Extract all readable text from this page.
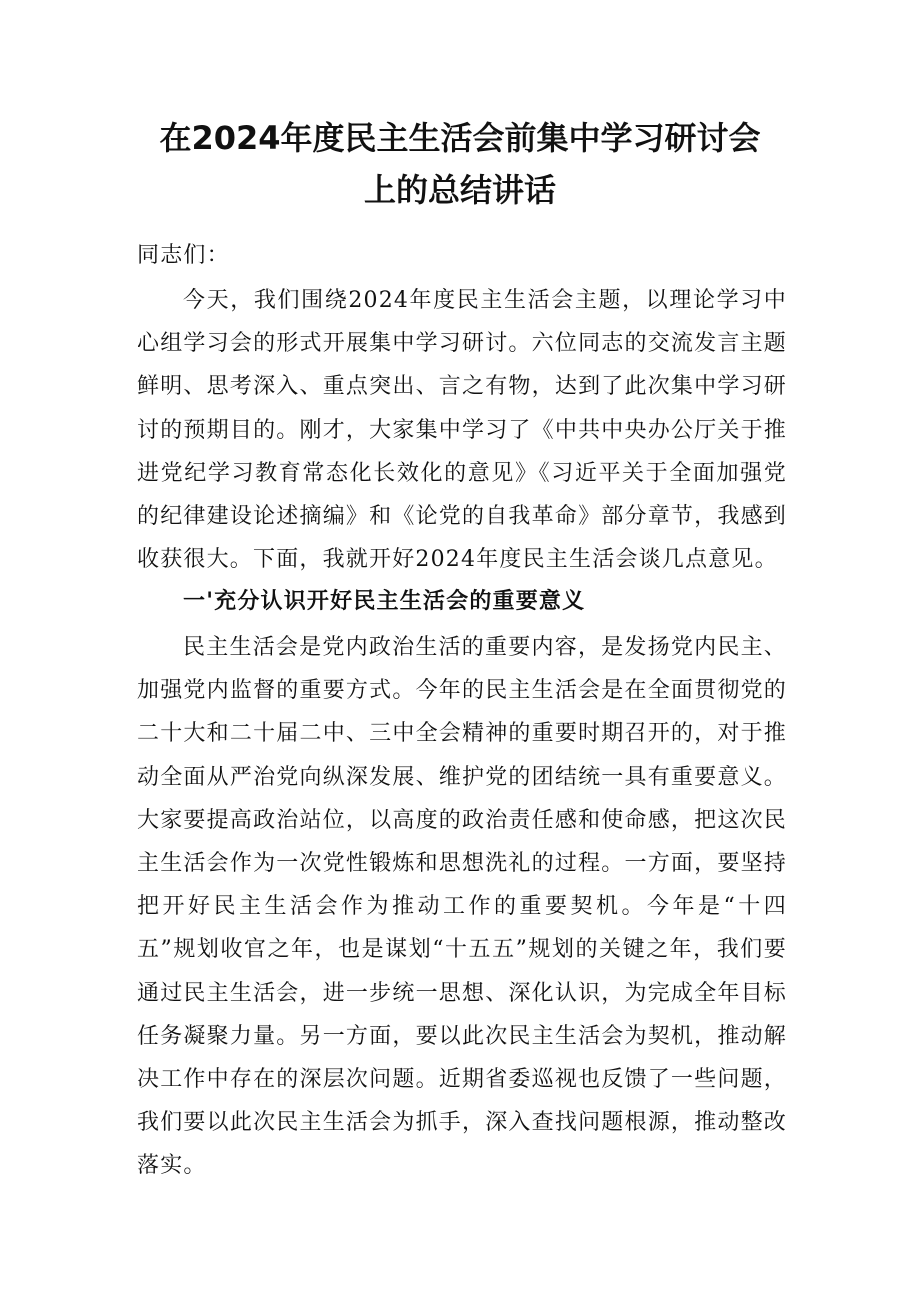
在2024年度民主生活会前集中学习研讨会
上的总结讲话

同志们：

今天，我们围绕2024年度民主生活会主题，以理论学习中心组学习会的形式开展集中学习研讨。六位同志的交流发言主题鲜明、思考深入、重点突出、言之有物，达到了此次集中学习研讨的预期目的。刚才，大家集中学习了《中共中央办公厅关于推进党纪学习教育常态化长效化的意见》《习近平关于全面加强党的纪律建设论述摘编》和《论党的自我革命》部分章节，我感到收获很大。下面，我就开好2024年度民主生活会谈几点意见。

一'充分认识开好民主生活会的重要意义

民主生活会是党内政治生活的重要内容，是发扬党内民主、加强党内监督的重要方式。今年的民主生活会是在全面贯彻党的二十大和二十届二中、三中全会精神的重要时期召开的，对于推动全面从严治党向纵深发展、维护党的团结统一具有重要意义。大家要提高政治站位，以高度的政治责任感和使命感，把这次民主生活会作为一次党性锻炼和思想洗礼的过程。一方面，要坚持把开好民主生活会作为推动工作的重要契机。今年是“十四五”规划收官之年，也是谋划“十五五”规划的关键之年，我们要通过民主生活会，进一步统一思想、深化认识，为完成全年目标任务凝聚力量。另一方面，要以此次民主生活会为契机，推动解决工作中存在的深层次问题。近期省委巡视也反馈了一些问题，我们要以此次民主生活会为抓手，深入查找问题根源，推动整改落实。
